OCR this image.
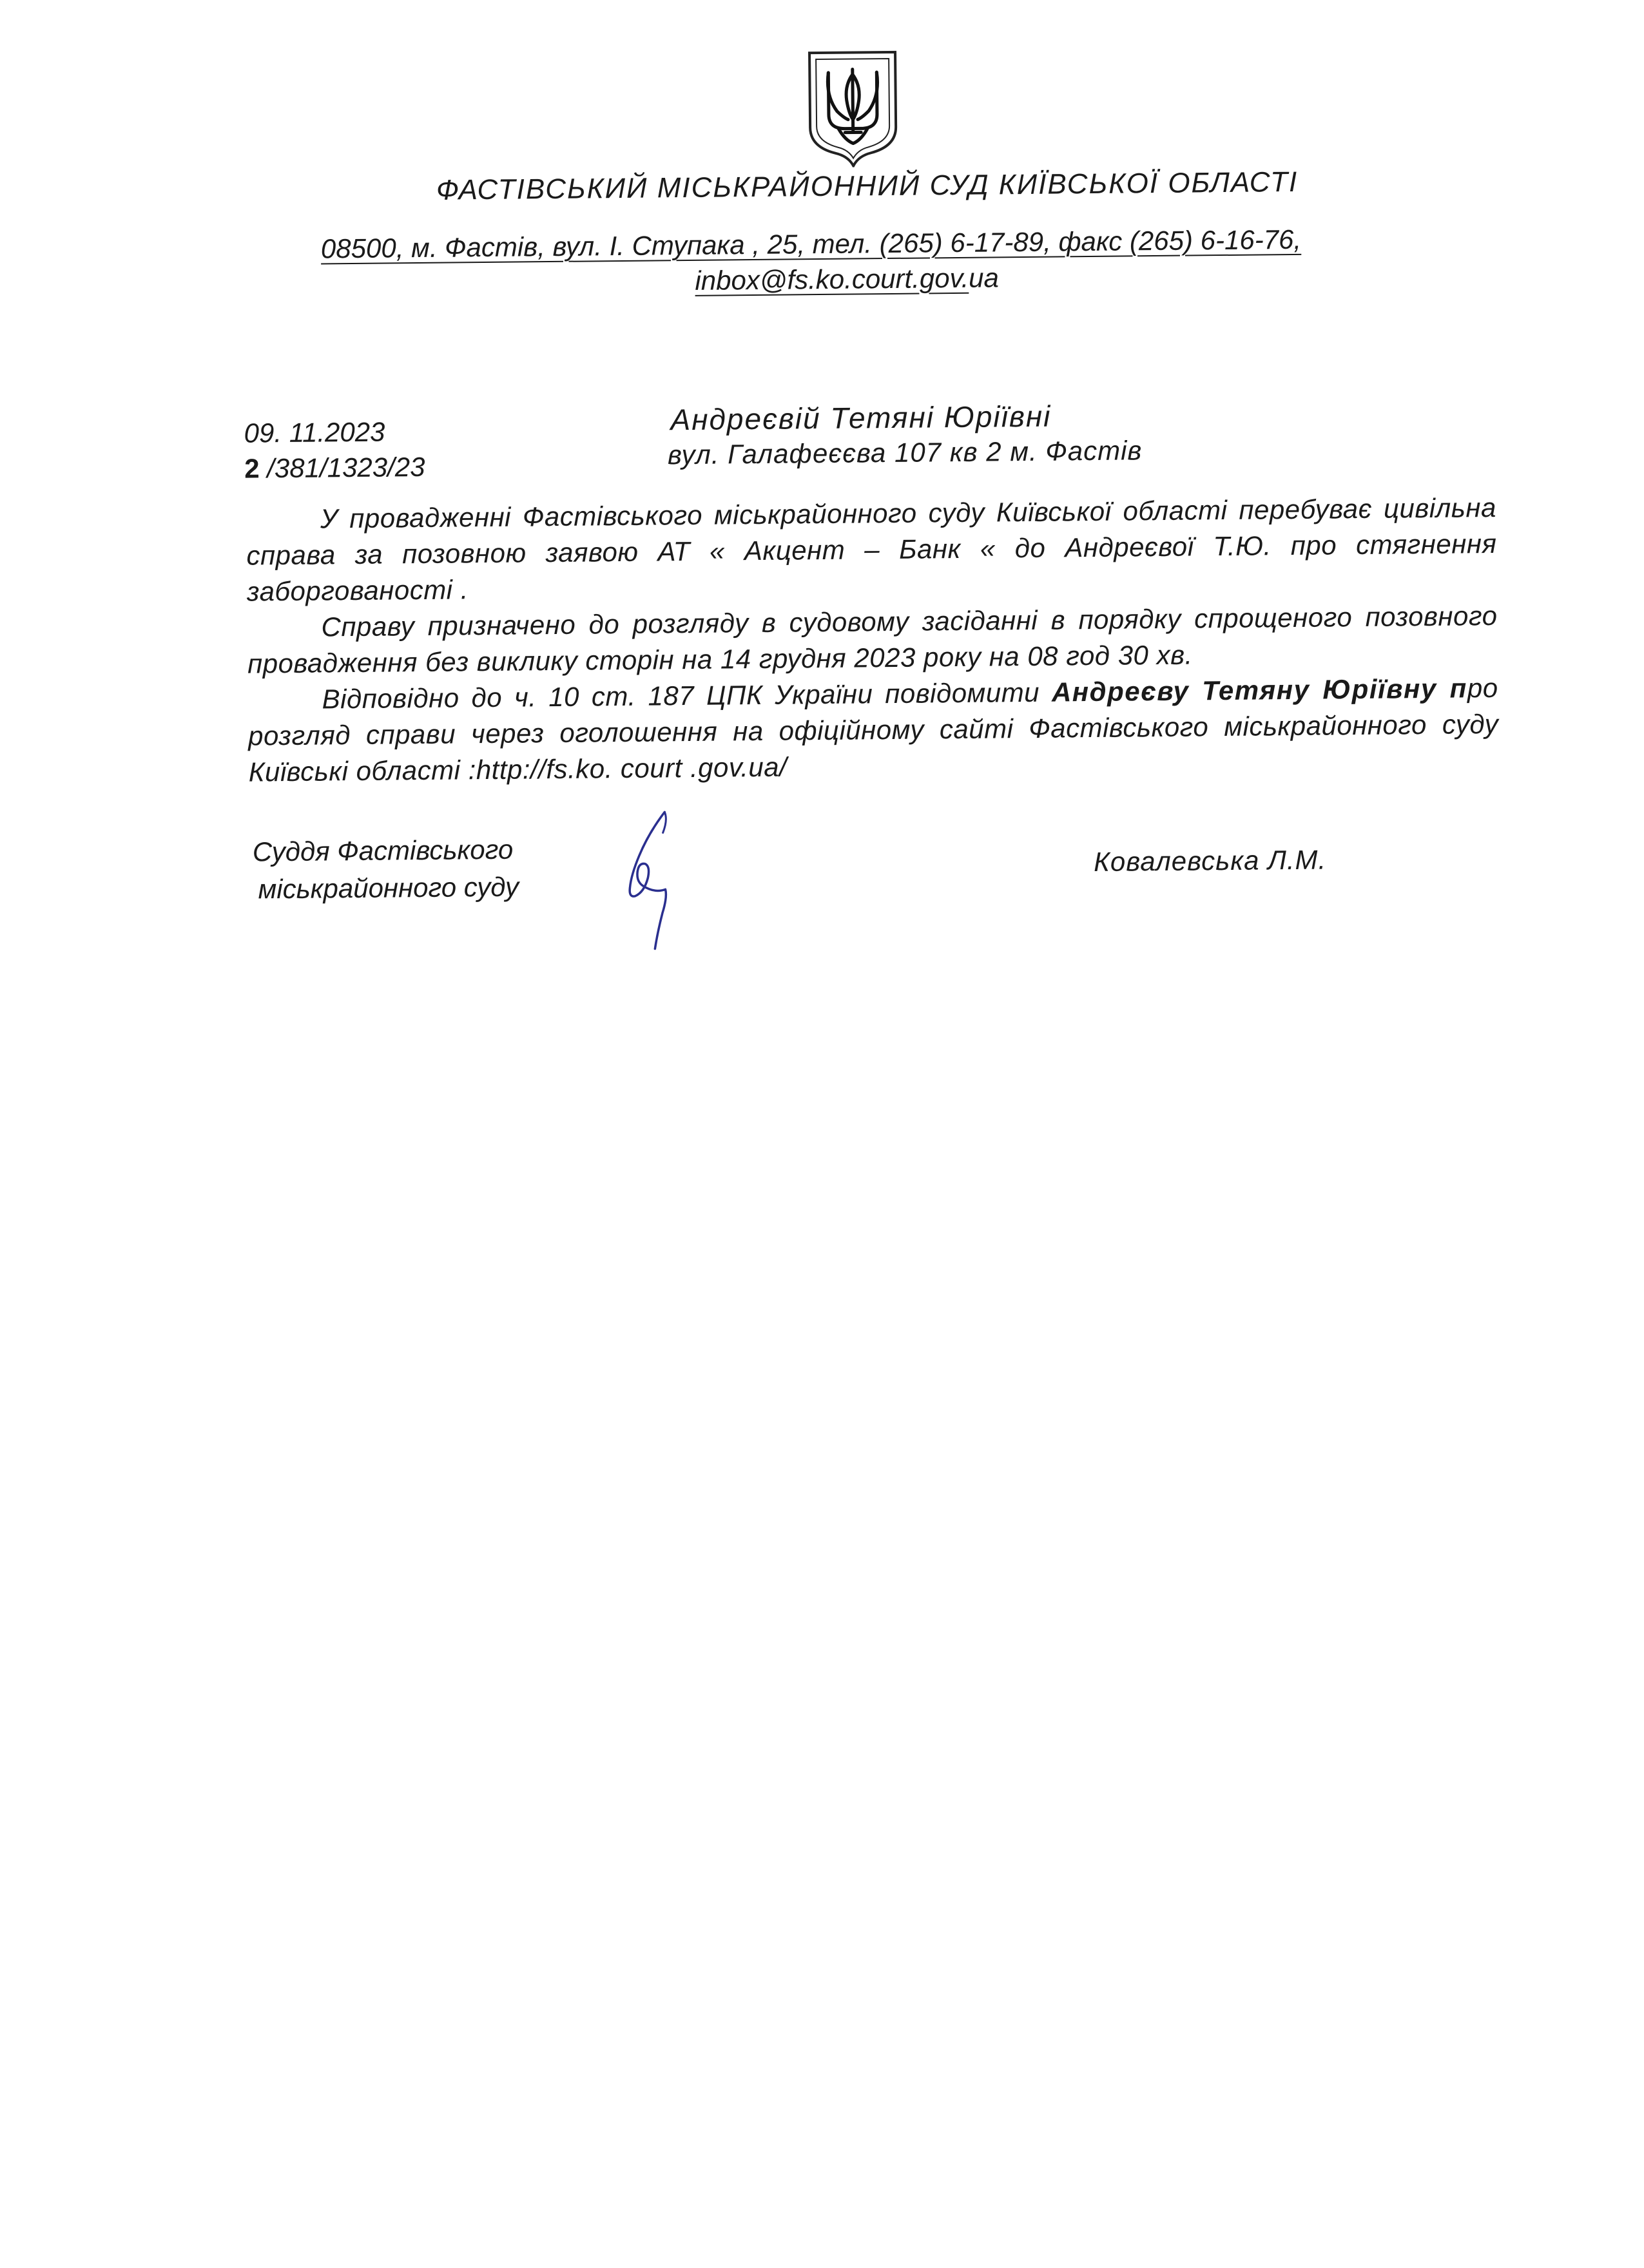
ФАСТІВСЬКИЙ МІСЬКРАЙОННИЙ СУД КИЇВСЬКОЇ ОБЛАСТІ
08500, м. Фастів, вул. І. Ступака , 25, тел. (265) 6-17-89, факс (265) 6-16-76,
inbox@fs.ko.court.gov.ua
09. 11.2023
2 /381/1323/23
Андреєвій Тетяні Юріївні
вул. Галафеєєва 107 кв 2 м. Фастів

У провадженні Фастівського міськрайонного суду Київської області перебуває цивільна справа за позовною заявою АТ « Акцент – Банк « до Андреєвої Т.Ю. про стягнення заборгованості .

Справу призначено до розгляду в судовому засіданні в порядку спрощеного позовного провадження без виклику сторін на 14 грудня 2023 року на 08 год 30 хв.

Відповідно до ч. 10 ст. 187 ЦПК України повідомити Андреєву Тетяну Юріївну про розгляд справи через оголошення на офіційному сайті Фастівського міськрайонного суду Київські області :http://fs.ko. court .gov.ua/

Суддя Фастівського
міськрайонного суду
Ковалевська Л.М.
